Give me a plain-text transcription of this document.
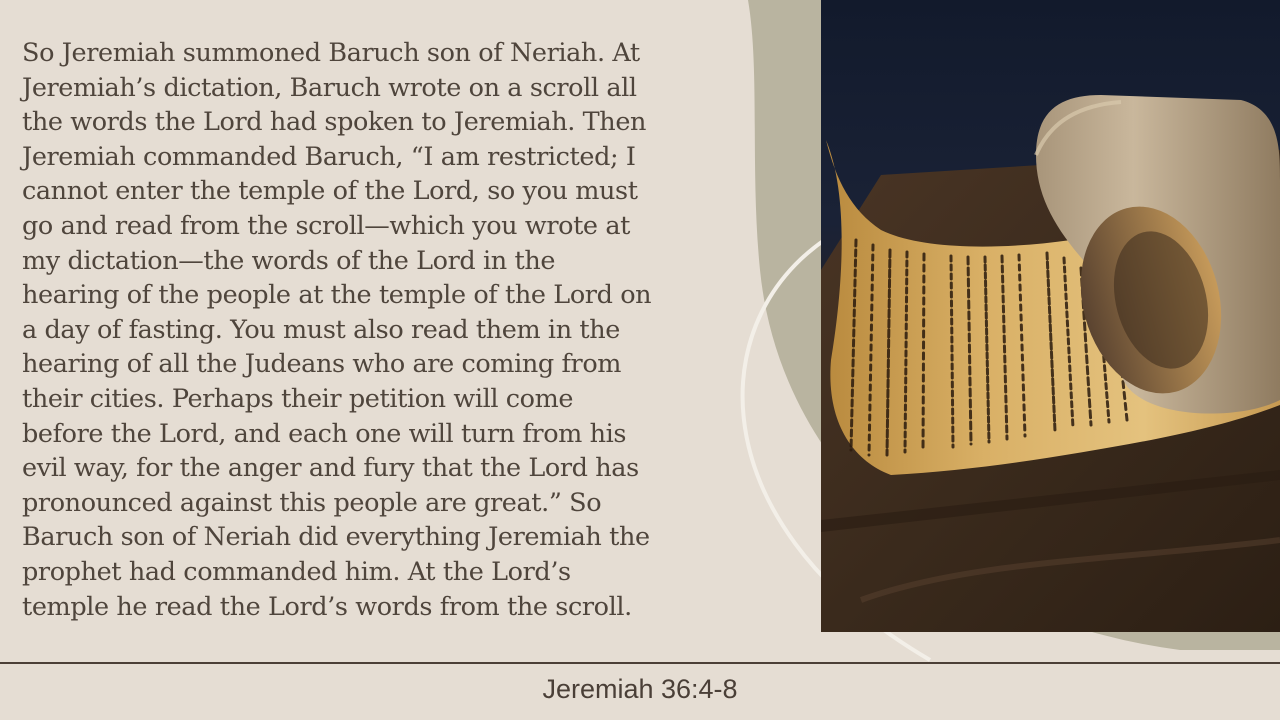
So Jeremiah summoned Baruch son of Neriah. At
Jeremiah’s dictation, Baruch wrote on a scroll all
the words the Lord had spoken to Jeremiah. Then
Jeremiah commanded Baruch, “I am restricted; I
cannot enter the temple of the Lord, so you must
go and read from the scroll—which you wrote at
my dictation—the words of the Lord in the
hearing of the people at the temple of the Lord on
a day of fasting. You must also read them in the
hearing of all the Judeans who are coming from
their cities. Perhaps their petition will come
before the Lord, and each one will turn from his
evil way, for the anger and fury that the Lord has
pronounced against this people are great.” So
Baruch son of Neriah did everything Jeremiah the
prophet had commanded him. At the Lord’s
temple he read the Lord’s words from the scroll.

Jeremiah 36:4-8
